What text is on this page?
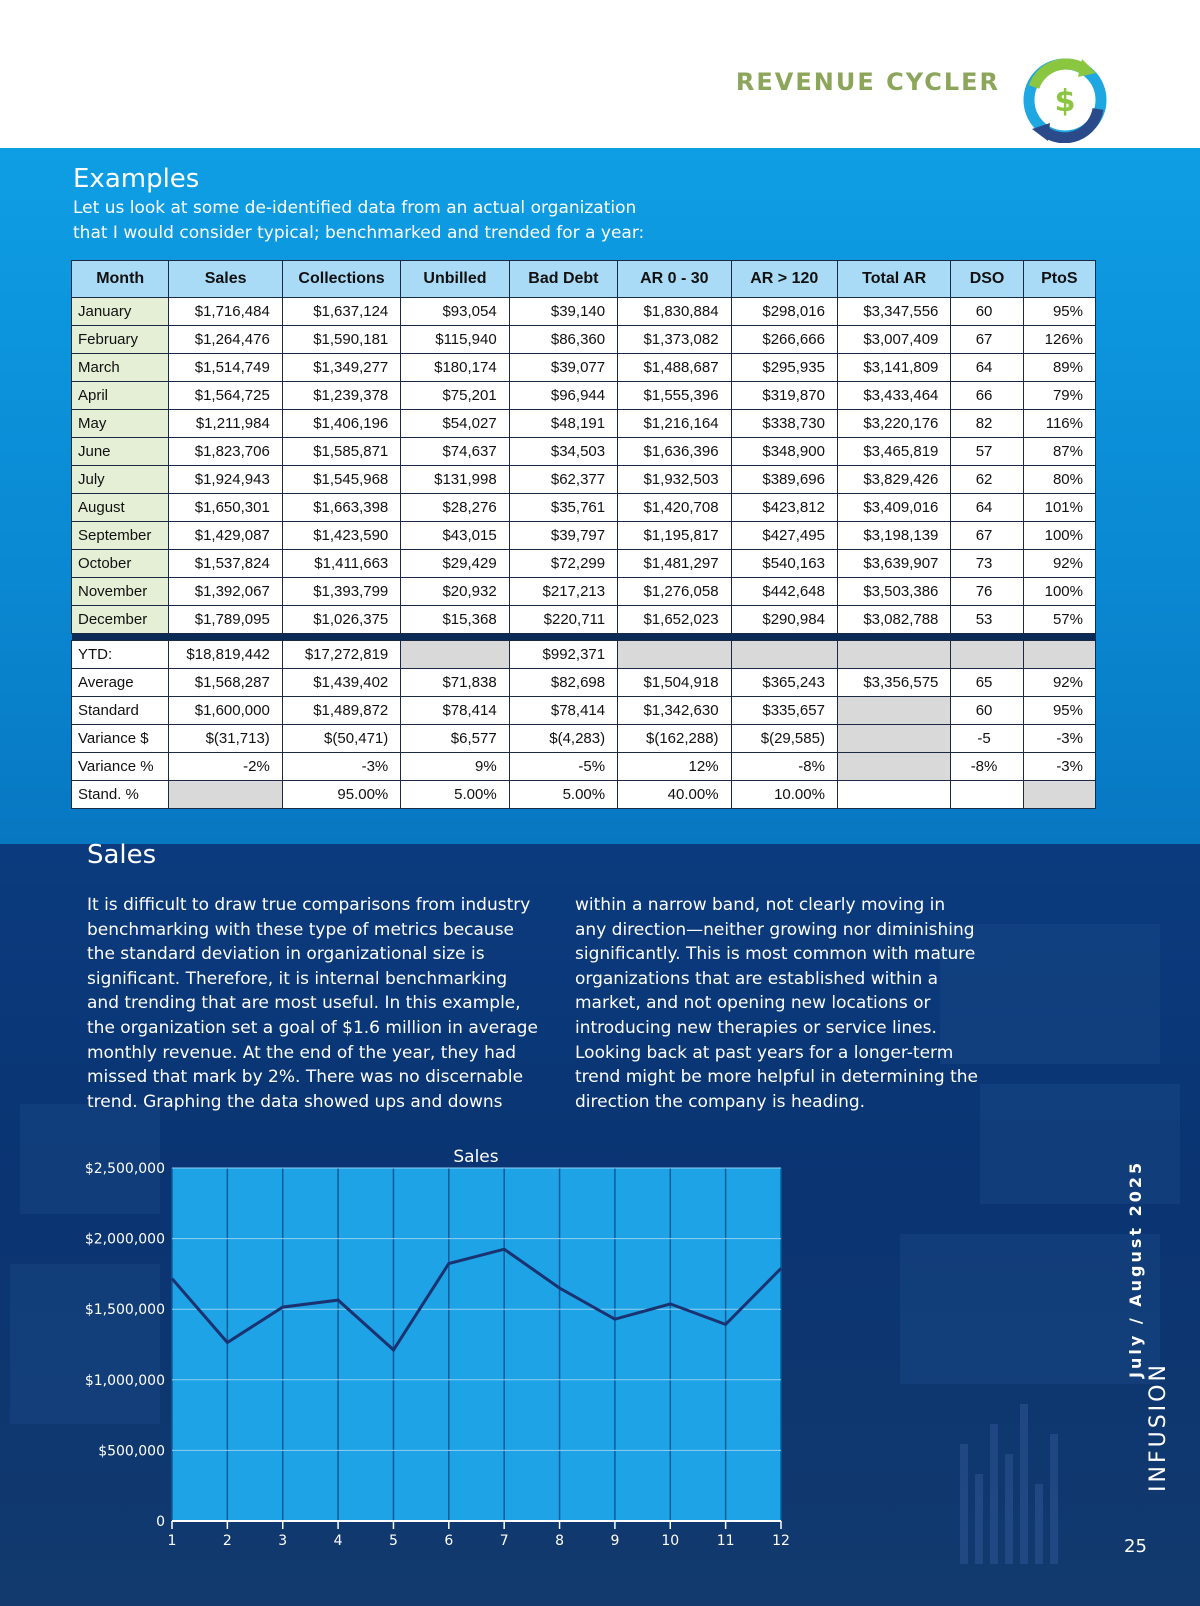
REVENUE CYCLER
$
Examples
Let us look at some de-identified data from an actual organization
that I would consider typical; benchmarked and trended for a year:
Month	Sales	Collections	Unbilled	Bad Debt	AR 0 - 30	AR > 120	Total AR	DSO	PtoS
January	$1,716,484	$1,637,124	$93,054	$39,140	$1,830,884	$298,016	$3,347,556	60	95%
February	$1,264,476	$1,590,181	$115,940	$86,360	$1,373,082	$266,666	$3,007,409	67	126%
March	$1,514,749	$1,349,277	$180,174	$39,077	$1,488,687	$295,935	$3,141,809	64	89%
April	$1,564,725	$1,239,378	$75,201	$96,944	$1,555,396	$319,870	$3,433,464	66	79%
May	$1,211,984	$1,406,196	$54,027	$48,191	$1,216,164	$338,730	$3,220,176	82	116%
June	$1,823,706	$1,585,871	$74,637	$34,503	$1,636,396	$348,900	$3,465,819	57	87%
July	$1,924,943	$1,545,968	$131,998	$62,377	$1,932,503	$389,696	$3,829,426	62	80%
August	$1,650,301	$1,663,398	$28,276	$35,761	$1,420,708	$423,812	$3,409,016	64	101%
September	$1,429,087	$1,423,590	$43,015	$39,797	$1,195,817	$427,495	$3,198,139	67	100%
October	$1,537,824	$1,411,663	$29,429	$72,299	$1,481,297	$540,163	$3,639,907	73	92%
November	$1,392,067	$1,393,799	$20,932	$217,213	$1,276,058	$442,648	$3,503,386	76	100%
December	$1,789,095	$1,026,375	$15,368	$220,711	$1,652,023	$290,984	$3,082,788	53	57%

YTD:	$18,819,442	$17,272,819		$992,371					
Average	$1,568,287	$1,439,402	$71,838	$82,698	$1,504,918	$365,243	$3,356,575	65	92%
Standard	$1,600,000	$1,489,872	$78,414	$78,414	$1,342,630	$335,657		60	95%
Variance $	$(31,713)	$(50,471)	$6,577	$(4,283)	$(162,288)	$(29,585)		-5	-3%
Variance %	-2%	-3%	9%	-5%	12%	-8%		-8%	-3%
Stand. %		95.00%	5.00%	5.00%	40.00%	10.00%			
Sales
It is difficult to draw true comparisons from industry
benchmarking with these type of metrics because
the standard deviation in organizational size is
significant. Therefore, it is internal benchmarking
and trending that are most useful. In this example,
the organization set a goal of $1.6 million in average
monthly revenue. At the end of the year, they had
missed that mark by 2%. There was no discernable
trend. Graphing the data showed ups and downs
within a narrow band, not clearly moving in
any direction—neither growing nor diminishing
significantly. This is most common with mature
organizations that are established within a
market, and not opening new locations or
introducing new therapies or service lines.
Looking back at past years for a longer-term
trend might be more helpful in determining the
direction the company is heading.
0
$500,000
$1,000,000
$1,500,000
$2,000,000
$2,500,000
1	2	3	4	5	6	7	8	9	10	11	12
Sales
July / August 2025
INFUSION
25
